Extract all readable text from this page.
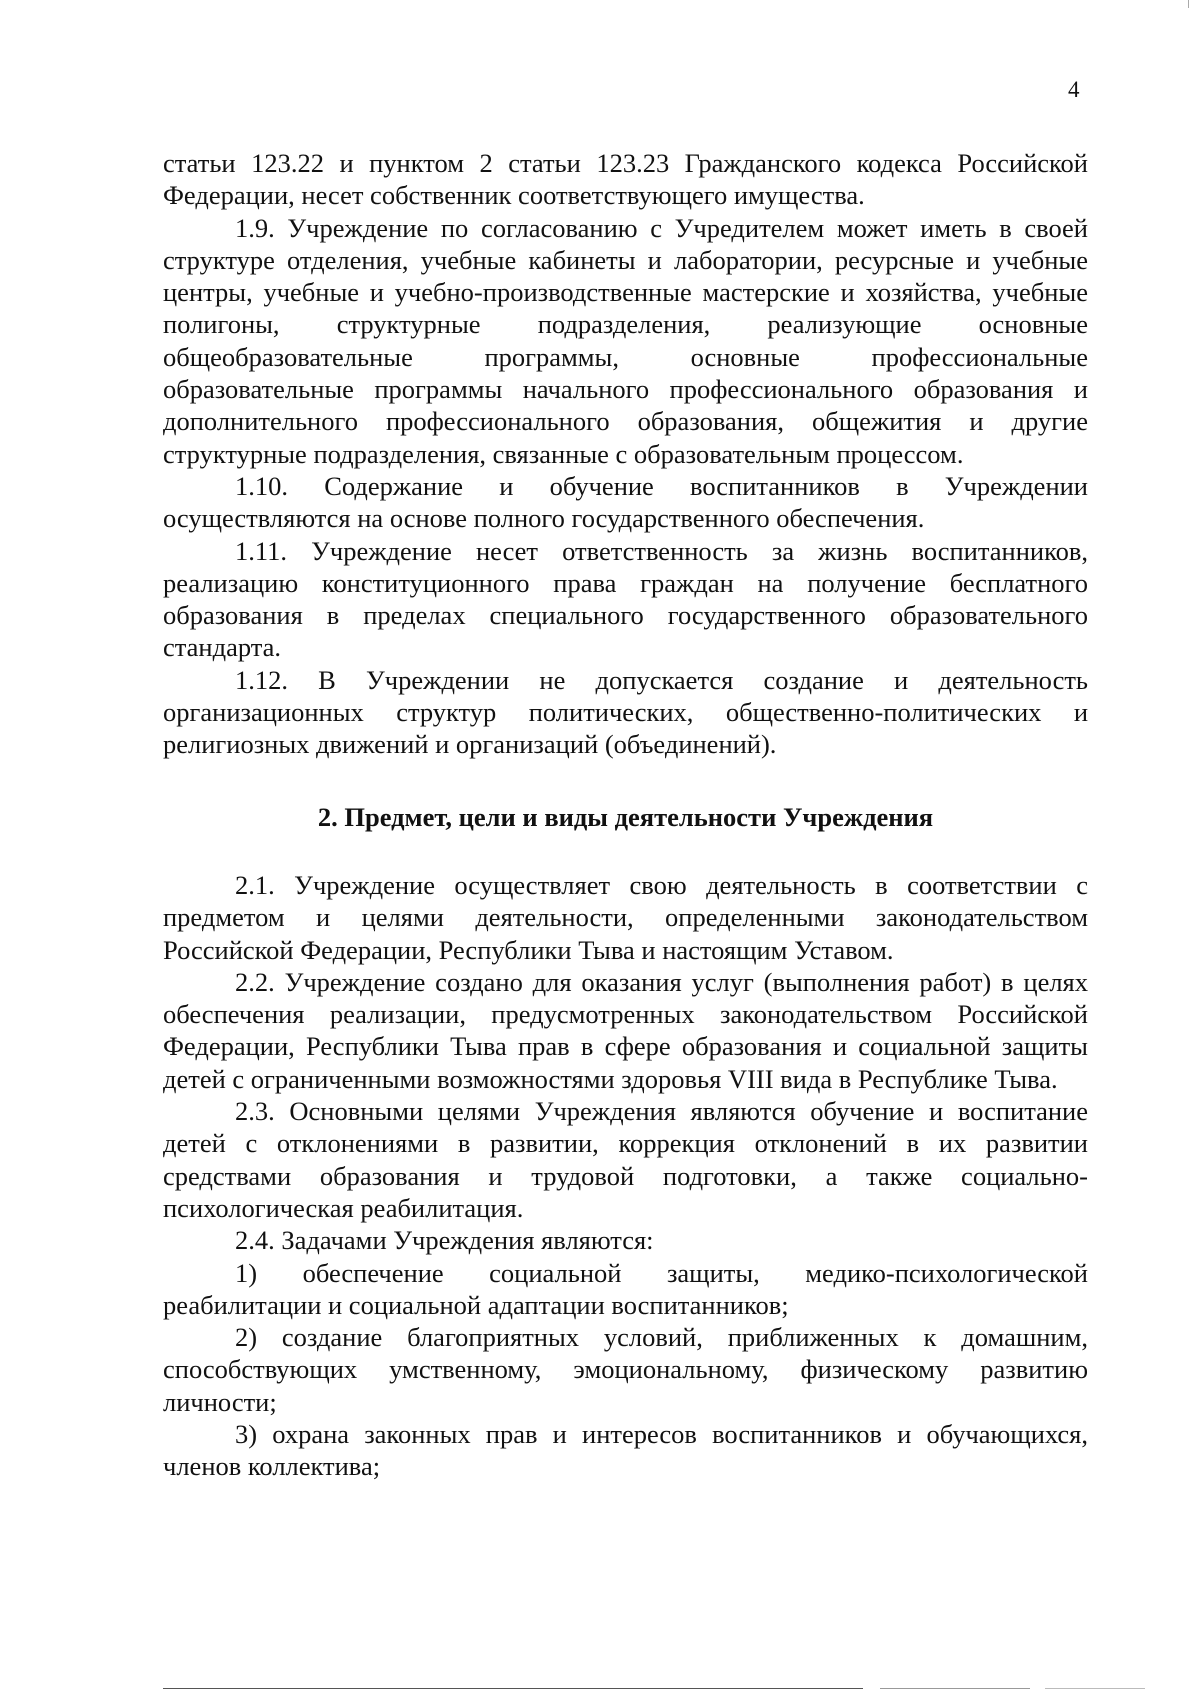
4

статьи 123.22 и пунктом 2 статьи 123.23 Гражданского кодекса Российской Федерации, несет собственник соответствующего имущества.

1.9. Учреждение по согласованию с Учредителем может иметь в своей структуре отделения, учебные кабинеты и лаборатории, ресурсные и учебные центры, учебные и учебно-производственные мастерские и хозяйства, учебные полигоны, структурные подразделения, реализующие основные общеобразовательные программы, основные профессиональные образовательные программы начального профессионального образования и дополнительного профессионального образования, общежития и другие структурные подразделения, связанные с образовательным процессом.

1.10. Содержание и обучение воспитанников в Учреждении осуществляются на основе полного государственного обеспечения.

1.11. Учреждение несет ответственность за жизнь воспитанников, реализацию конституционного права граждан на получение бесплатного образования в пределах специального государственного образовательного стандарта.

1.12. В Учреждении не допускается создание и деятельность организационных структур политических, общественно-политических и религиозных движений и организаций (объединений).

2. Предмет, цели и виды деятельности Учреждения

2.1. Учреждение осуществляет свою деятельность в соответствии с предметом и целями деятельности, определенными законодательством Российской Федерации, Республики Тыва и настоящим Уставом.

2.2. Учреждение создано для оказания услуг (выполнения работ) в целях обеспечения реализации, предусмотренных законодательством Российской Федерации, Республики Тыва прав в сфере образования и социальной защиты детей с ограниченными возможностями здоровья VIII вида в Республике Тыва.

2.3. Основными целями Учреждения являются обучение и воспитание детей с отклонениями в развитии, коррекция отклонений в их развитии средствами образования и трудовой подготовки, а также социально-психологическая реабилитация.

2.4. Задачами Учреждения являются:

1) обеспечение социальной защиты, медико-психологической реабилитации и социальной адаптации воспитанников;

2) создание благоприятных условий, приближенных к домашним, способствующих умственному, эмоциональному, физическому развитию личности;

3) охрана законных прав и интересов воспитанников и обучающихся, членов коллектива;
